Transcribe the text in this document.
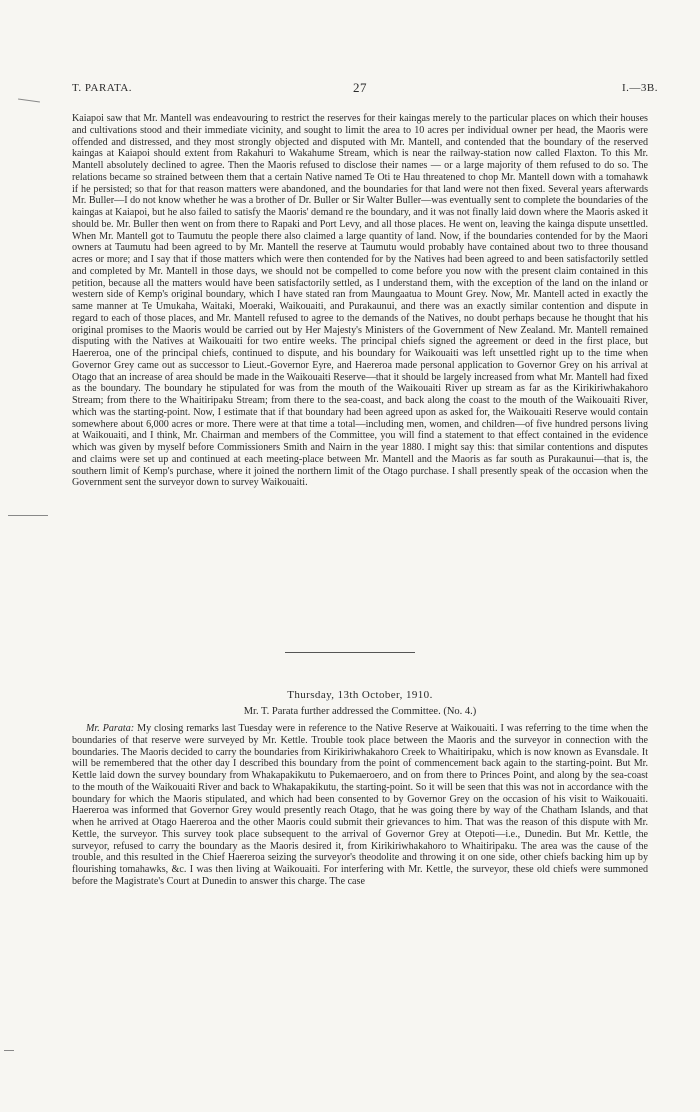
T. PARATA.	27	I.—3B.

Kaiapoi saw that Mr. Mantell was endeavouring to restrict the reserves for their kaingas merely to the particular places on which their houses and cultivations stood and their immediate vicinity, and sought to limit the area to 10 acres per individual owner per head, the Maoris were offended and distressed, and they most strongly objected and disputed with Mr. Mantell, and contended that the boundary of the reserved kaingas at Kaiapoi should extent from Rakahuri to Wakahume Stream, which is near the railway-station now called Flaxton. To this Mr. Mantell absolutely declined to agree. Then the Maoris refused to disclose their names — or a large majority of them refused to do so. The relations became so strained between them that a certain Native named Te Oti te Hau threatened to chop Mr. Mantell down with a tomahawk if he persisted; so that for that reason matters were abandoned, and the boundaries for that land were not then fixed. Several years afterwards Mr. Buller—I do not know whether he was a brother of Dr. Buller or Sir Walter Buller—was eventually sent to complete the boundaries of the kaingas at Kaiapoi, but he also failed to satisfy the Maoris' demand re the boundary, and it was not finally laid down where the Maoris asked it should be. Mr. Buller then went on from there to Rapaki and Port Levy, and all those places. He went on, leaving the kainga dispute unsettled. When Mr. Mantell got to Taumutu the people there also claimed a large quantity of land. Now, if the boundaries contended for by the Maori owners at Taumutu had been agreed to by Mr. Mantell the reserve at Taumutu would probably have contained about two to three thousand acres or more; and I say that if those matters which were then contended for by the Natives had been agreed to and been satisfactorily settled and completed by Mr. Mantell in those days, we should not be compelled to come before you now with the present claim contained in this petition, because all the matters would have been satisfactorily settled, as I understand them, with the exception of the land on the inland or western side of Kemp's original boundary, which I have stated ran from Maungaatua to Mount Grey. Now, Mr. Mantell acted in exactly the same manner at Te Umukaha, Waitaki, Moeraki, Waikouaiti, and Purakaunui, and there was an exactly similar contention and dispute in regard to each of those places, and Mr. Mantell refused to agree to the demands of the Natives, no doubt perhaps because he thought that his original promises to the Maoris would be carried out by Her Majesty's Ministers of the Government of New Zealand. Mr. Mantell remained disputing with the Natives at Waikouaiti for two entire weeks. The principal chiefs signed the agreement or deed in the first place, but Haereroa, one of the principal chiefs, continued to dispute, and his boundary for Waikouaiti was left unsettled right up to the time when Governor Grey came out as successor to Lieut.-Governor Eyre, and Haereroa made personal application to Governor Grey on his arrival at Otago that an increase of area should be made in the Waikouaiti Reserve—that it should be largely increased from what Mr. Mantell had fixed as the boundary. The boundary he stipulated for was from the mouth of the Waikouaiti River up stream as far as the Kirikiriwhakahoro Stream; from there to the Whaitiripaku Stream; from there to the sea-coast, and back along the coast to the mouth of the Waikouaiti River, which was the starting-point. Now, I estimate that if that boundary had been agreed upon as asked for, the Waikouaiti Reserve would contain somewhere about 6,000 acres or more. There were at that time a total—including men, women, and children—of five hundred persons living at Waikouaiti, and I think, Mr. Chairman and members of the Committee, you will find a statement to that effect contained in the evidence which was given by myself before Commissioners Smith and Nairn in the year 1880. I might say this: that similar contentions and disputes and claims were set up and continued at each meeting-place between Mr. Mantell and the Maoris as far south as Purakaunui—that is, the southern limit of Kemp's purchase, where it joined the northern limit of the Otago purchase. I shall presently speak of the occasion when the Government sent the surveyor down to survey Waikouaiti.

Thursday, 13th October, 1910.
Mr. T. Parata further addressed the Committee. (No. 4.)

Mr. Parata: My closing remarks last Tuesday were in reference to the Native Reserve at Waikouaiti. I was referring to the time when the boundaries of that reserve were surveyed by Mr. Kettle. Trouble took place between the Maoris and the surveyor in connection with the boundaries. The Maoris decided to carry the boundaries from Kirikiriwhakahoro Creek to Whaitiripaku, which is now known as Evansdale. It will be remembered that the other day I described this boundary from the point of commencement back again to the starting-point. But Mr. Kettle laid down the survey boundary from Whakapakikutu to Pukemaeroero, and on from there to Princes Point, and along by the sea-coast to the mouth of the Waikouaiti River and back to Whakapakikutu, the starting-point. So it will be seen that this was not in accordance with the boundary for which the Maoris stipulated, and which had been consented to by Governor Grey on the occasion of his visit to Waikouaiti. Haereroa was informed that Governor Grey would presently reach Otago, that he was going there by way of the Chatham Islands, and that when he arrived at Otago Haereroa and the other Maoris could submit their grievances to him. That was the reason of this dispute with Mr. Kettle, the surveyor. This survey took place subsequent to the arrival of Governor Grey at Otepoti—i.e., Dunedin. But Mr. Kettle, the surveyor, refused to carry the boundary as the Maoris desired it, from Kirikiriwhakahoro to Whaitiripaku. The area was the cause of the trouble, and this resulted in the Chief Haereroa seizing the surveyor's theodolite and throwing it on one side, other chiefs backing him up by flourishing tomahawks, &c. I was then living at Waikouaiti. For interfering with Mr. Kettle, the surveyor, these old chiefs were summoned before the Magistrate's Court at Dunedin to answer this charge. The case
